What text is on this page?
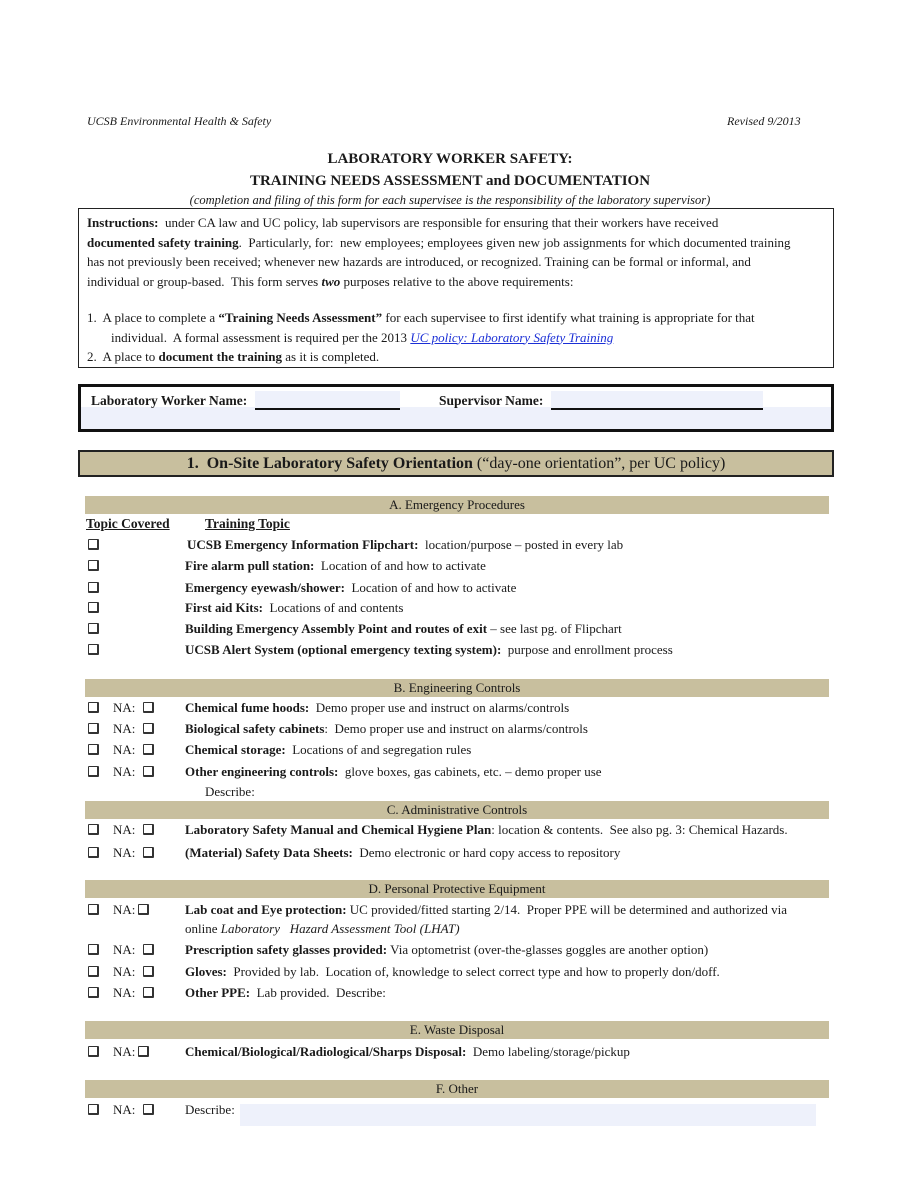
UCSB Environmental Health & Safety	Revised 9/2013
LABORATORY WORKER SAFETY:
TRAINING NEEDS ASSESSMENT and DOCUMENTATION
(completion and filing of this form for each supervisee is the responsibility of the laboratory supervisor)

Instructions:  under CA law and UC policy, lab supervisors are responsible for ensuring that their workers have received

documented safety training.  Particularly, for:  new employees; employees given new job assignments for which documented training

has not previously been received; whenever new hazards are introduced, or recognized. Training can be formal or informal, and

individual or group-based.  This form serves two purposes relative to the above requirements:

1.  A place to complete a “Training Needs Assessment” for each supervisee to first identify what training is appropriate for that

individual.  A formal assessment is required per the 2013 UC policy: Laboratory Safety Training

2.  A place to document the training as it is completed.

Laboratory Worker Name:	Supervisor Name:
1.  On-Site Laboratory Safety Orientation (“day-one orientation”, per UC policy)
A. Emergency Procedures
Topic Covered	Training Topic
UCSB Emergency Information Flipchart:  location/purpose – posted in every lab
Fire alarm pull station:  Location of and how to activate
Emergency eyewash/shower:  Location of and how to activate
First aid Kits:  Locations of and contents
Building Emergency Assembly Point and routes of exit – see last pg. of Flipchart
UCSB Alert System (optional emergency texting system):  purpose and enrollment process
B. Engineering Controls
NA:	Chemical fume hoods:  Demo proper use and instruct on alarms/controls
NA:	Biological safety cabinets:  Demo proper use and instruct on alarms/controls
NA:	Chemical storage:  Locations of and segregation rules
NA:	Other engineering controls:  glove boxes, gas cabinets, etc. – demo proper use
Describe:
C. Administrative Controls
NA:	Laboratory Safety Manual and Chemical Hygiene Plan: location & contents.  See also pg. 3: Chemical Hazards.
NA:	(Material) Safety Data Sheets:  Demo electronic or hard copy access to repository
D. Personal Protective Equipment
NA:	Lab coat and Eye protection: UC provided/fitted starting 2/14.  Proper PPE will be determined and authorized via
online Laboratory   Hazard Assessment Tool (LHAT)
NA:	Prescription safety glasses provided: Via optometrist (over-the-glasses goggles are another option)
NA:	Gloves:  Provided by lab.  Location of, knowledge to select correct type and how to properly don/doff.
NA:	Other PPE:  Lab provided.  Describe:
E. Waste Disposal
NA:	Chemical/Biological/Radiological/Sharps Disposal:  Demo labeling/storage/pickup
F. Other
NA:	Describe:
